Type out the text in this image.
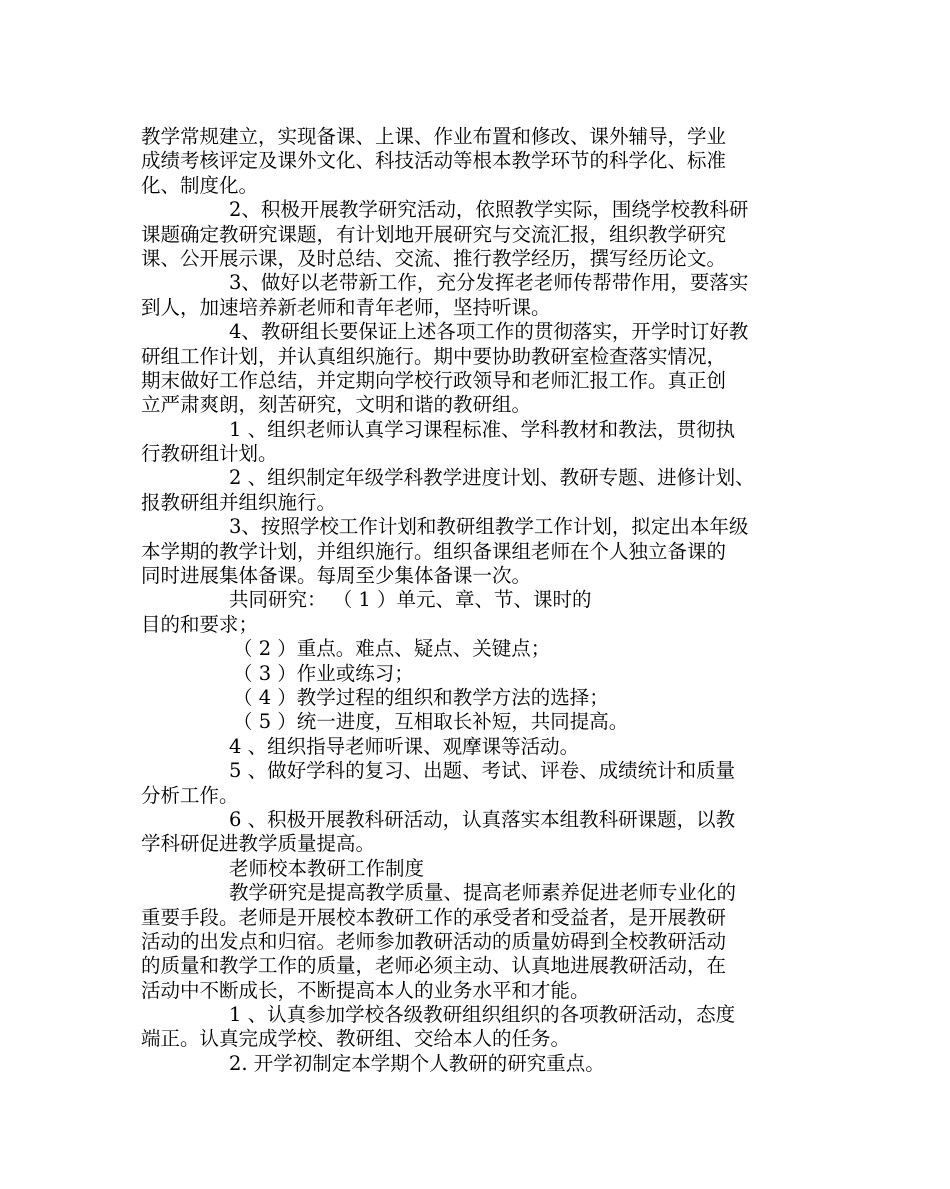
教学常规建立，实现备课、上课、作业布置和修改、课外辅导，学业
成绩考核评定及课外文化、科技活动等根本教学环节的科学化、标准
化、制度化。
2、积极开展教学研究活动，依照教学实际，围绕学校教科研
课题确定教研究课题，有计划地开展研究与交流汇报，组织教学研究
课、公开展示课，及时总结、交流、推行教学经历，撰写经历论文。
3、做好以老带新工作，充分发挥老老师传帮带作用，要落实
到人，加速培养新老师和青年老师，坚持听课。
4、教研组长要保证上述各项工作的贯彻落实，开学时订好教
研组工作计划，并认真组织施行。期中要协助教研室检查落实情况，
期末做好工作总结，并定期向学校行政领导和老师汇报工作。真正创
立严肃爽朗，刻苦研究，文明和谐的教研组。
1 、组织老师认真学习课程标准、学科教材和教法，贯彻执
行教研组计划。
2 、组织制定年级学科教学进度计划、教研专题、进修计划、
报教研组并组织施行。
3、按照学校工作计划和教研组教学工作计划，拟定出本年级
本学期的教学计划，并组织施行。组织备课组老师在个人独立备课的
同时进展集体备课。每周至少集体备课一次。
共同研究： （ 1 ）单元、章、节、课时的
目的和要求；
（ 2 ）重点。难点、疑点、关键点；
（ 3 ）作业或练习；
（ 4 ）教学过程的组织和教学方法的选择；
（ 5 ）统一进度，互相取长补短，共同提高。
4 、组织指导老师听课、观摩课等活动。
5 、做好学科的复习、出题、考试、评卷、成绩统计和质量
分析工作。
6 、积极开展教科研活动，认真落实本组教科研课题，以教
学科研促进教学质量提高。
老师校本教研工作制度
教学研究是提高教学质量、提高老师素养促进老师专业化的
重要手段。老师是开展校本教研工作的承受者和受益者，是开展教研
活动的出发点和归宿。老师参加教研活动的质量妨碍到全校教研活动
的质量和教学工作的质量，老师必须主动、认真地进展教研活动，在
活动中不断成长，不断提高本人的业务水平和才能。
1 、认真参加学校各级教研组织组织的各项教研活动，态度
端正。认真完成学校、教研组、交给本人的任务。
2. 开学初制定本学期个人教研的研究重点。
